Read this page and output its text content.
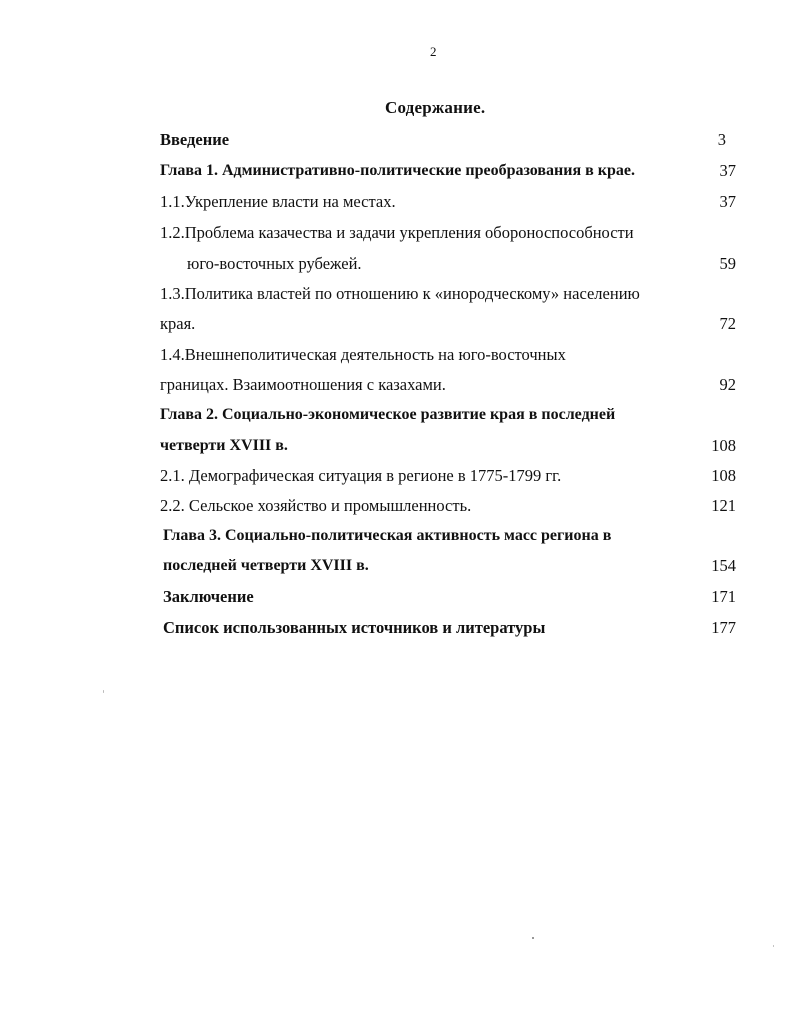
2
Содержание.
Введение	3
Глава 1. Административно-политические преобразования в крае.	37
1.1.Укрепление власти на местах.	37
1.2.Проблема казачества и задачи укрепления обороноспособности
юго-восточных рубежей.	59
1.3.Политика властей по отношению к «инородческому» населению
края.	72
1.4.Внешнеполитическая деятельность на юго-восточных
границах. Взаимоотношения с казахами.	92
Глава 2. Социально-экономическое развитие края в последней
четверти XVIII в.	108
2.1. Демографическая ситуация в регионе в 1775-1799 гг.	108
2.2. Сельское хозяйство и промышленность.	121
Глава 3. Социально-политическая активность масс региона в
последней четверти XVIII в.	154
Заключение	171
Список использованных источников и литературы	177
